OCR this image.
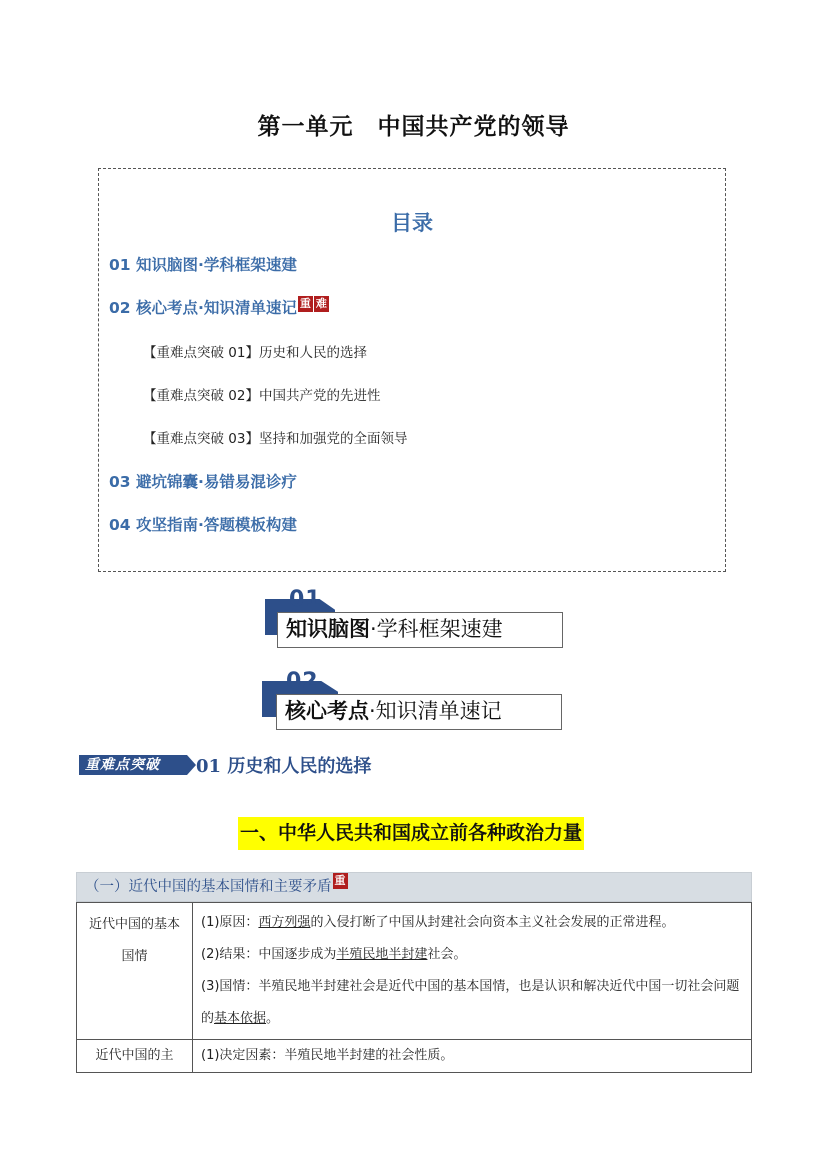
第一单元　中国共产党的领导
目录
01 知识脑图·学科框架速建
02 核心考点·知识清单速记 重 难
【重难点突破 01】历史和人民的选择
【重难点突破 02】中国共产党的先进性
【重难点突破 03】坚持和加强党的全面领导
03 避坑锦囊·易错易混诊疗
04 攻坚指南·答题模板构建
01
知识脑图·学科框架速建
02
核心考点·知识清单速记
重难点突破	01 历史和人民的选择
一、中华人民共和国成立前各种政治力量
（一）近代中国的基本国情和主要矛盾 重
近代中国的基本国情	(1)原因：西方列强的入侵打断了中国从封建社会向资本主义社会发展的正常进程。

(2)结果：中国逐步成为半殖民地半封建社会。

(3)国情：半殖民地半封建社会是近代中国的基本国情，也是认识和解决近代中国一切社会问题的基本依据。

近代中国的主	(1)决定因素：半殖民地半封建的社会性质。
